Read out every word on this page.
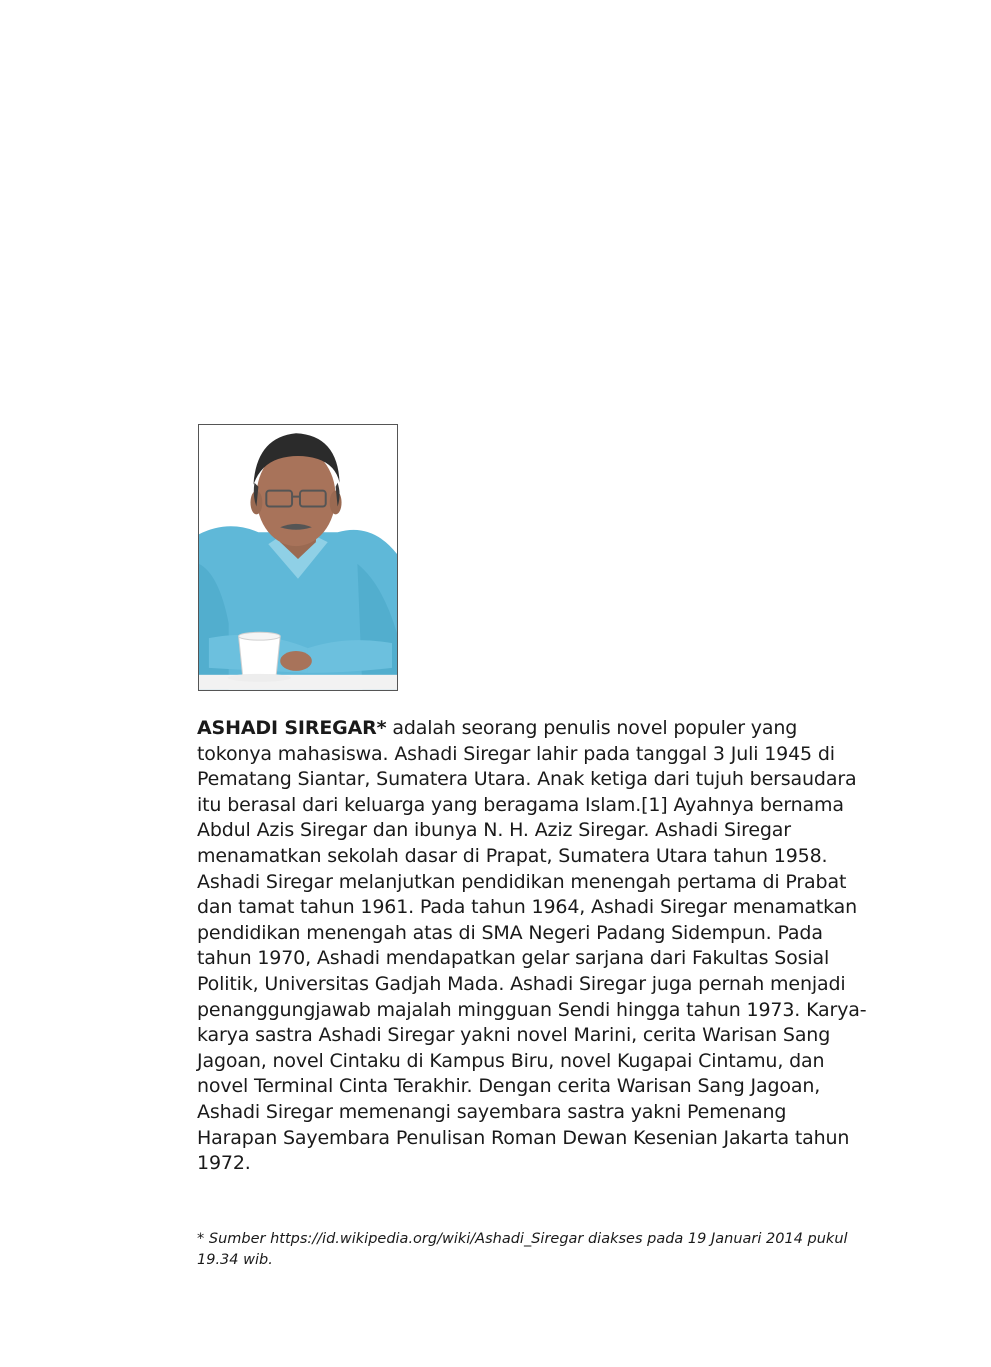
ASHADI SIREGAR* adalah seorang penulis novel populer yang tokonya mahasiswa. Ashadi Siregar lahir pada tanggal 3 Juli 1945 di Pematang Siantar, Sumatera Utara. Anak ketiga dari tujuh bersaudara itu berasal dari keluarga yang beragama Islam.[1] Ayahnya bernama Abdul Azis Siregar dan ibunya N. H. Aziz Siregar. Ashadi Siregar menamatkan sekolah dasar di Prapat, Sumatera Utara tahun 1958. Ashadi Siregar melanjutkan pendidikan menengah pertama di Prabat dan tamat tahun 1961. Pada tahun 1964, Ashadi Siregar menamatkan pendidikan menengah atas di SMA Negeri Padang Sidempun. Pada tahun 1970, Ashadi mendapatkan gelar sarjana dari Fakultas Sosial Politik, Universitas Gadjah Mada. Ashadi Siregar juga pernah menjadi penanggungjawab majalah mingguan Sendi hingga tahun 1973. Karya-karya sastra Ashadi Siregar yakni novel Marini, cerita Warisan Sang Jagoan, novel Cintaku di Kampus Biru, novel Kugapai Cintamu, dan novel Terminal Cinta Terakhir. Dengan cerita Warisan Sang Jagoan, Ashadi Siregar memenangi sayembara sastra yakni Pemenang Harapan Sayembara Penulisan Roman Dewan Kesenian Jakarta tahun 1972.

* Sumber https://id.wikipedia.org/wiki/Ashadi_Siregar diakses pada 19 Januari 2014 pukul 19.34 wib.
